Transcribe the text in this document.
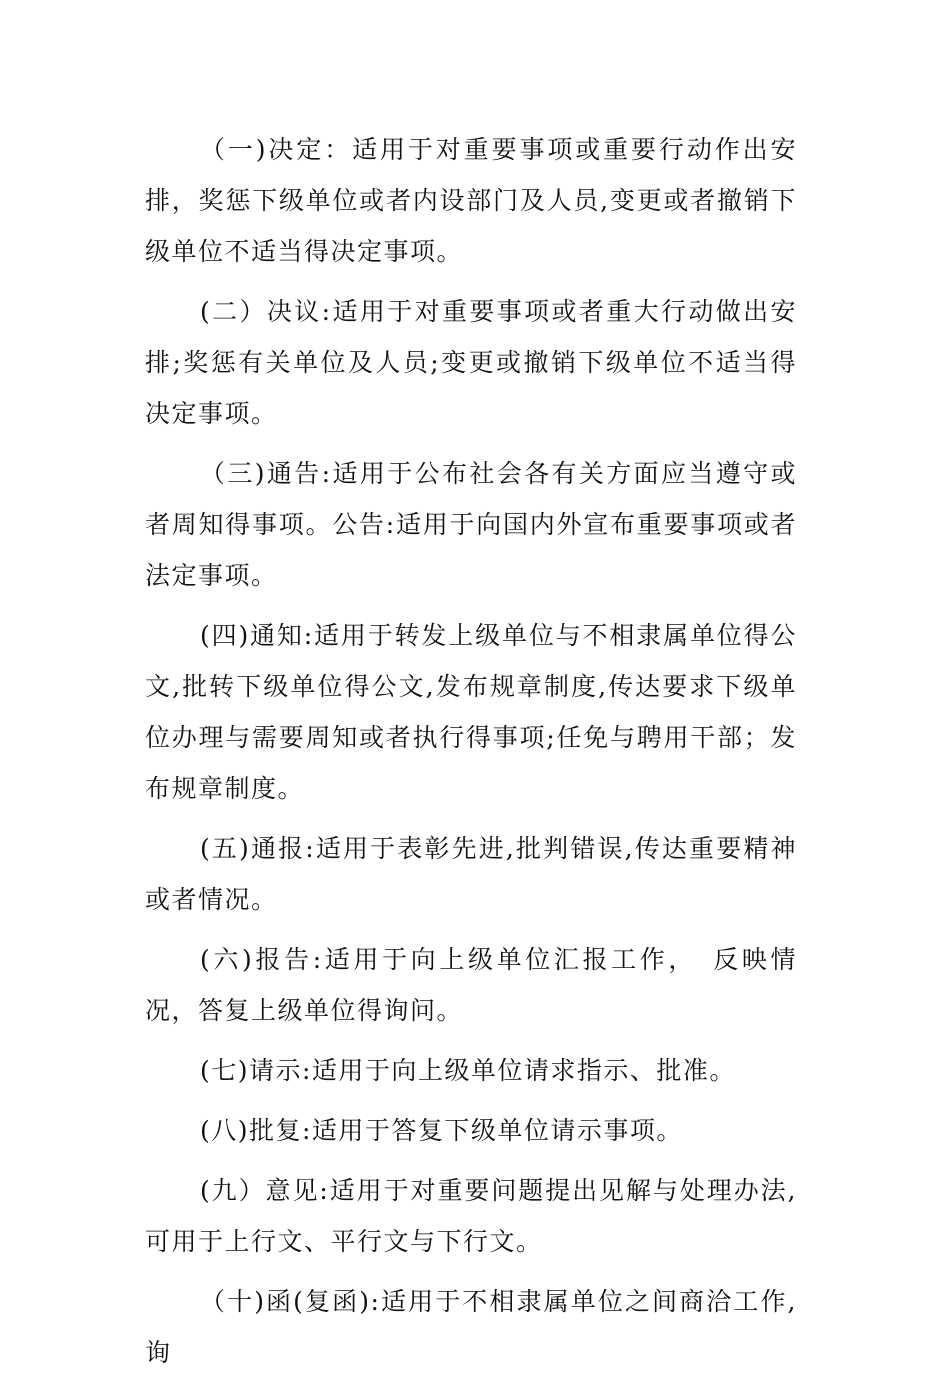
（一)决定：适用于对重要事项或重要行动作出安排，奖惩下级单位或者内设部门及人员,变更或者撤销下级单位不适当得决定事项。

(二）决议:适用于对重要事项或者重大行动做出安排;奖惩有关单位及人员;变更或撤销下级单位不适当得决定事项。

（三)通告:适用于公布社会各有关方面应当遵守或者周知得事项。公告:适用于向国内外宣布重要事项或者法定事项。

(四)通知:适用于转发上级单位与不相隶属单位得公文,批转下级单位得公文,发布规章制度,传达要求下级单位办理与需要周知或者执行得事项;任免与聘用干部；发布规章制度。

(五)通报:适用于表彰先进,批判错误,传达重要精神或者情况。

(六)报告:适用于向上级单位汇报工作，　反映情况，答复上级单位得询问。

(七)请示:适用于向上级单位请求指示、批准。

(八)批复:适用于答复下级单位请示事项。

(九）意见:适用于对重要问题提出见解与处理办法,可用于上行文、平行文与下行文。

（十)函(复函):适用于不相隶属单位之间商洽工作,询
